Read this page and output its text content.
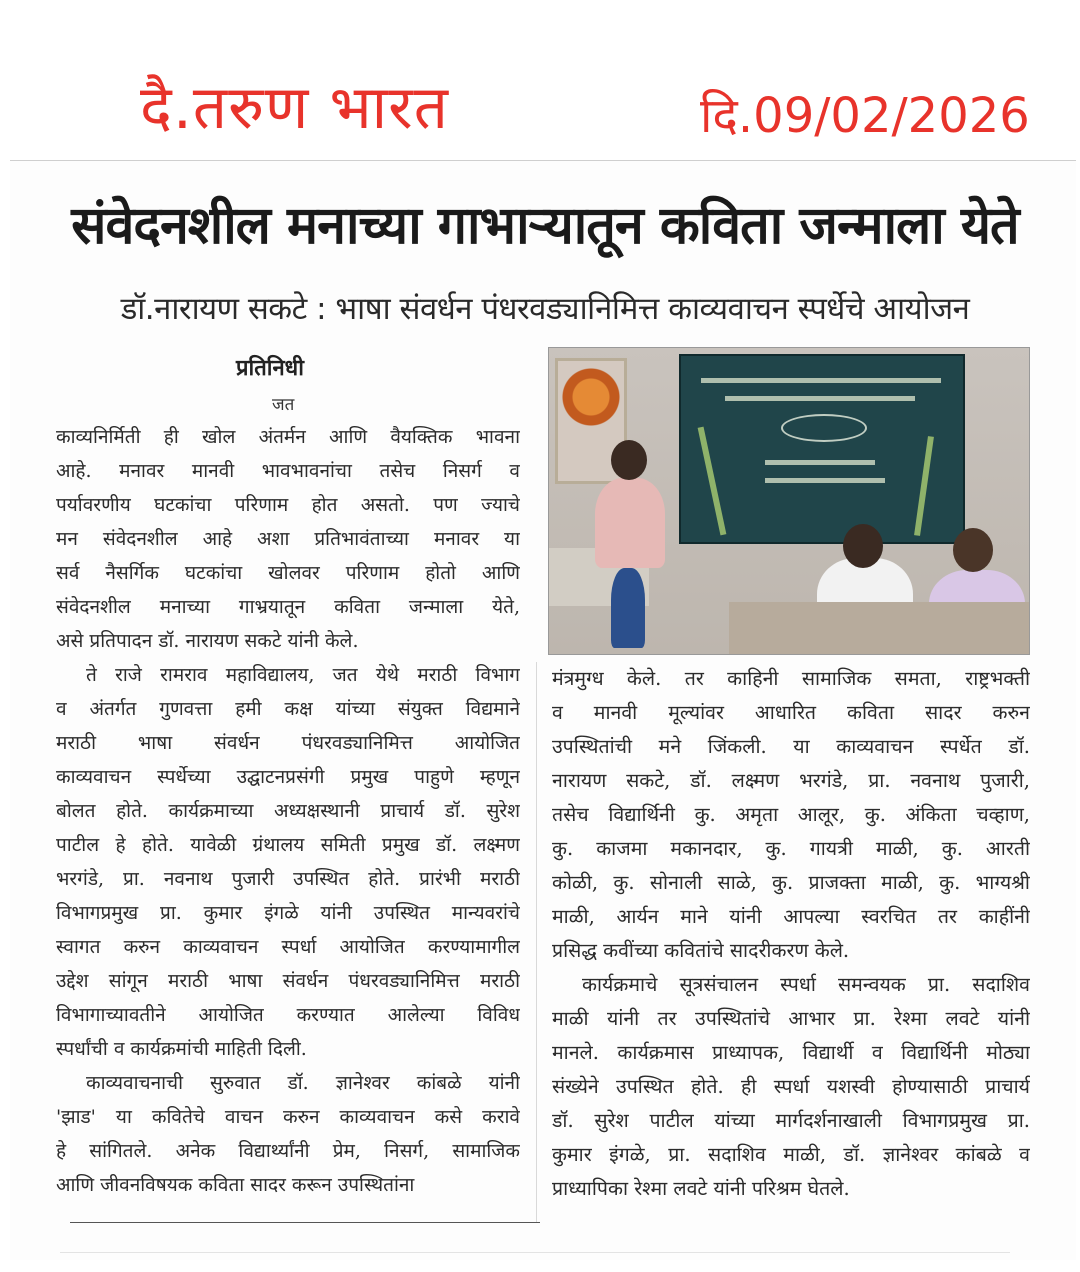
दै.तरुण भारत	दि.09/02/2026
संवेदनशील मनाच्या गाभाऱ्यातून कविता जन्माला येते
डॉ.नारायण सकटे : भाषा संवर्धन पंधरवड्यानिमित्त काव्यवाचन स्पर्धेचे आयोजन
प्रतिनिधी
जत
काव्यनिर्मिती ही खोल अंतर्मन आणि वैयक्तिक भावना
आहे. मनावर मानवी भावभावनांचा तसेच निसर्ग व
पर्यावरणीय घटकांचा परिणाम होत असतो. पण ज्याचे
मन संवेदनशील आहे अशा प्रतिभावंताच्या मनावर या
सर्व नैसर्गिक घटकांचा खोलवर परिणाम होतो आणि
संवेदनशील मनाच्या गाभ्रयातून कविता जन्माला येते,
असे प्रतिपादन डॉ. नारायण सकटे यांनी केले.
ते राजे रामराव महाविद्यालय, जत येथे मराठी विभाग
व अंतर्गत गुणवत्ता हमी कक्ष यांच्या संयुक्त विद्यमाने
मराठी भाषा संवर्धन पंधरवड्यानिमित्त आयोजित
काव्यवाचन स्पर्धेच्या उद्घाटनप्रसंगी प्रमुख पाहुणे म्हणून
बोलत होते. कार्यक्रमाच्या अध्यक्षस्थानी प्राचार्य डॉ. सुरेश
पाटील हे होते. यावेळी ग्रंथालय समिती प्रमुख डॉ. लक्ष्मण
भरगंडे, प्रा. नवनाथ पुजारी उपस्थित होते. प्रारंभी मराठी
विभागप्रमुख प्रा. कुमार इंगळे यांनी उपस्थित मान्यवरांचे
स्वागत करुन काव्यवाचन स्पर्धा आयोजित करण्यामागील
उद्देश सांगून मराठी भाषा संवर्धन पंधरवड्यानिमित्त मराठी
विभागाच्यावतीने आयोजित करण्यात आलेल्या विविध
स्पर्धांची व कार्यक्रमांची माहिती दिली.
काव्यवाचनाची सुरुवात डॉ. ज्ञानेश्वर कांबळे यांनी
'झाड' या कवितेचे वाचन करुन काव्यवाचन कसे करावे
हे सांगितले. अनेक विद्यार्थ्यांनी प्रेम, निसर्ग, सामाजिक
आणि जीवनविषयक कविता सादर करून उपस्थितांना
मंत्रमुग्ध केले. तर काहिनी सामाजिक समता, राष्ट्रभक्ती
व मानवी मूल्यांवर आधारित कविता सादर करुन
उपस्थितांची मने जिंकली. या काव्यवाचन स्पर्धेत डॉ.
नारायण सकटे, डॉ. लक्ष्मण भरगंडे, प्रा. नवनाथ पुजारी,
तसेच विद्यार्थिनी कु. अमृता आलूर, कु. अंकिता चव्हाण,
कु. काजमा मकानदार, कु. गायत्री माळी, कु. आरती
कोळी, कु. सोनाली साळे, कु. प्राजक्ता माळी, कु. भाग्यश्री
माळी, आर्यन माने यांनी आपल्या स्वरचित तर काहींनी
प्रसिद्ध कवींच्या कवितांचे सादरीकरण केले.
कार्यक्रमाचे सूत्रसंचालन स्पर्धा समन्वयक प्रा. सदाशिव
माळी यांनी तर उपस्थितांचे आभार प्रा. रेश्मा लवटे यांनी
मानले. कार्यक्रमास प्राध्यापक, विद्यार्थी व विद्यार्थिनी मोठ्या
संख्येने उपस्थित होते. ही स्पर्धा यशस्वी होण्यासाठी प्राचार्य
डॉ. सुरेश पाटील यांच्या मार्गदर्शनाखाली विभागप्रमुख प्रा.
कुमार इंगळे, प्रा. सदाशिव माळी, डॉ. ज्ञानेश्वर कांबळे व
प्राध्यापिका रेश्मा लवटे यांनी परिश्रम घेतले.
